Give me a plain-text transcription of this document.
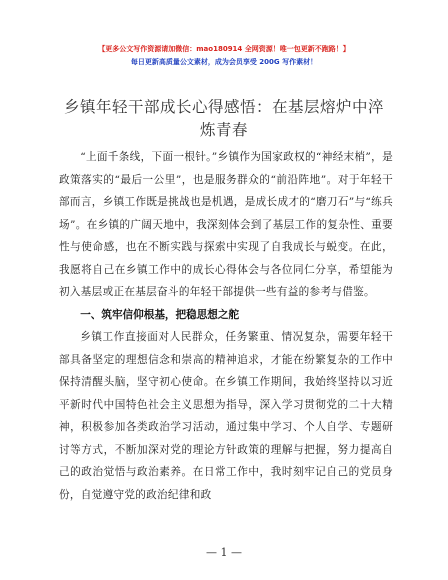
【更多公文写作资源请加微信：mao180914 全网资源！唯一包更新不跑路！】
每日更新高质量公文素材，成为会员享受 200G 写作素材！
乡镇年轻干部成长心得感悟：在基层熔炉中淬炼青春

“上面千条线，下面一根针。”乡镇作为国家政权的“神经末梢”，是政策落实的“最后一公里”，也是服务群众的“前沿阵地”。对于年轻干部而言，乡镇工作既是挑战也是机遇，是成长成才的“磨刀石”与“练兵场”。在乡镇的广阔天地中，我深刻体会到了基层工作的复杂性、重要性与使命感，也在不断实践与探索中实现了自我成长与蜕变。在此，我愿将自己在乡镇工作中的成长心得体会与各位同仁分享，希望能为初入基层或正在基层奋斗的年轻干部提供一些有益的参考与借鉴。

一、筑牢信仰根基，把稳思想之舵

乡镇工作直接面对人民群众，任务繁重、情况复杂，需要年轻干部具备坚定的理想信念和崇高的精神追求，才能在纷繁复杂的工作中保持清醒头脑，坚守初心使命。在乡镇工作期间，我始终坚持以习近平新时代中国特色社会主义思想为指导，深入学习贯彻党的二十大精神，积极参加各类政治学习活动，通过集中学习、个人自学、专题研讨等方式，不断加深对党的理论方针政策的理解与把握，努力提高自己的政治觉悟与政治素养。在日常工作中，我时刻牢记自己的党员身份，自觉遵守党的政治纪律和政

— 1 —
